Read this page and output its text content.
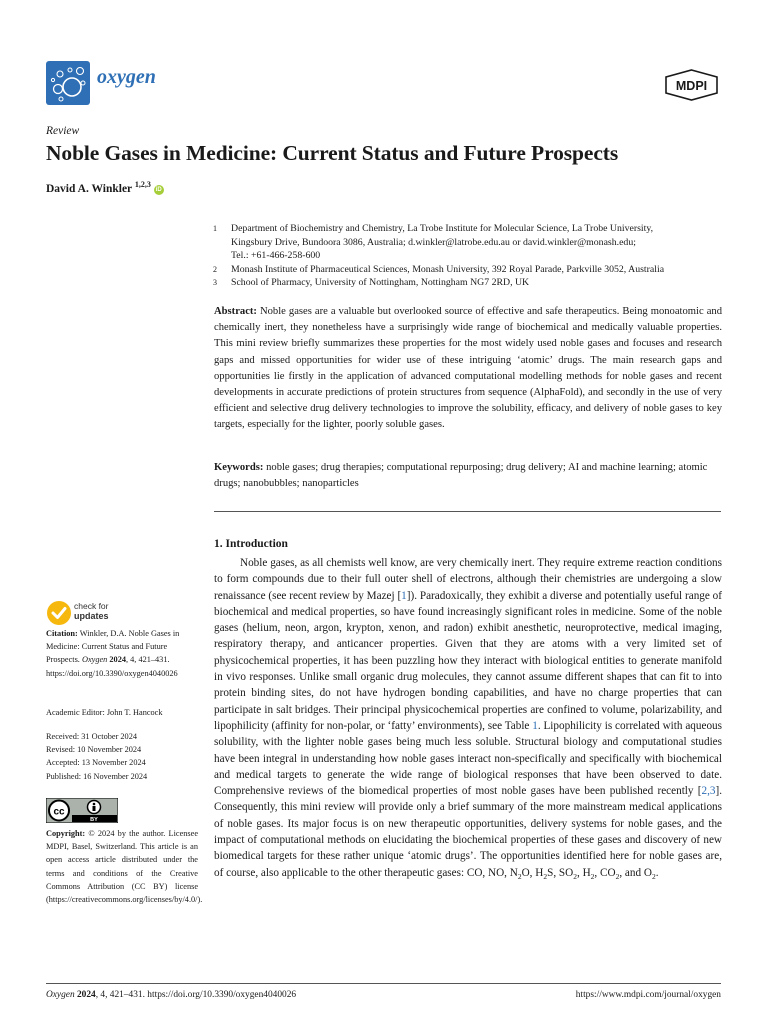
oxygen	MDPI
Review
Noble Gases in Medicine: Current Status and Future Prospects
David A. Winkler $^{1,2,3}$ iD
1 Department of Biochemistry and Chemistry, La Trobe Institute for Molecular Science, La Trobe University,
Kingsbury Drive, Bundoora 3086, Australia; d.winkler@latrobe.edu.au or david.winkler@monash.edu;
Tel.: +61-466-258-600
2 Monash Institute of Pharmaceutical Sciences, Monash University, 392 Royal Parade, Parkville 3052, Australia
3 School of Pharmacy, University of Nottingham, Nottingham NG7 2RD, UK
Abstract: Noble gases are a valuable but overlooked source of effective and safe therapeutics. Being monoatomic and chemically inert, they nonetheless have a surprisingly wide range of biochemical and medically valuable properties. This mini review briefly summarizes these properties for the most widely used noble gases and focuses and research gaps and missed opportunities for wider use of these intriguing ‘atomic’ drugs. The main research gaps and opportunities lie firstly in the application of advanced computational modelling methods for noble gases and recent developments in accurate predictions of protein structures from sequence (AlphaFold), and secondly in the use of very efficient and selective drug delivery technologies to improve the solubility, efficacy, and delivery of noble gases to key targets, especially for the lighter, poorly soluble gases.
Keywords: noble gases; drug therapies; computational repurposing; drug delivery; AI and machine learning; atomic drugs; nanobubbles; nanoparticles
1. Introduction
Noble gases, as all chemists well know, are very chemically inert. They require extreme reaction conditions to form compounds due to their full outer shell of electrons, although their chemistries are undergoing a slow renaissance (see recent review by Mazej [1]). Paradoxically, they exhibit a diverse and potentially useful range of biochemical and medical properties, so have found increasingly significant roles in medicine. Some of the noble gases (helium, neon, argon, krypton, xenon, and radon) exhibit anesthetic, neuroprotective, medical imaging, respiratory therapy, and anticancer properties. Given that they are atoms with a very limited set of physicochemical properties, it has been puzzling how they interact with biological entities to generate manifold in vivo responses. Unlike small organic drug molecules, they cannot assume different shapes that can fit to into protein binding sites, do not have hydrogen bonding capabilities, and have no charge properties that can participate in salt bridges. Their principal physicochemical properties are confined to volume, polarizability, and lipophilicity (affinity for non-polar, or ‘fatty’ environments), see Table 1. Lipophilicity is correlated with aqueous solubility, with the lighter noble gases being much less soluble. Structural biology and computational studies have been integral in understanding how noble gases interact non-specifically and specifically with biochemical and medical targets to generate the wide range of biological responses that have been observed to date. Comprehensive reviews of the biomedical properties of most noble gases have been published recently [2,3]. Consequently, this mini review will provide only a brief summary of the more mainstream medical applications of noble gases. Its major focus is on new therapeutic opportunities, delivery systems for noble gases, and the impact of computational methods on elucidating the biochemical properties of these gases and discovery of new biomedical targets for these rather unique ‘atomic drugs’. The opportunities identified here for noble gases are, of course, also applicable to the other therapeutic gases: CO, NO, $N_2O$, $H_2S$, $SO_2$, $H_2$, $CO_2$, and $O_2$.
check for
updates
Citation: Winkler, D.A. Noble Gases in Medicine: Current Status and Future Prospects. Oxygen 2024, 4, 421–431. https://doi.org/10.3390/oxygen4040026
Academic Editor: John T. Hancock
Received: 31 October 2024
Revised: 10 November 2024
Accepted: 13 November 2024
Published: 16 November 2024
cc
BY
Copyright: © 2024 by the author. Licensee MDPI, Basel, Switzerland. This article is an open access article distributed under the terms and conditions of the Creative Commons Attribution (CC BY) license (https://creativecommons.org/licenses/by/4.0/).
Oxygen 2024, 4, 421–431. https://doi.org/10.3390/oxygen4040026	https://www.mdpi.com/journal/oxygen
